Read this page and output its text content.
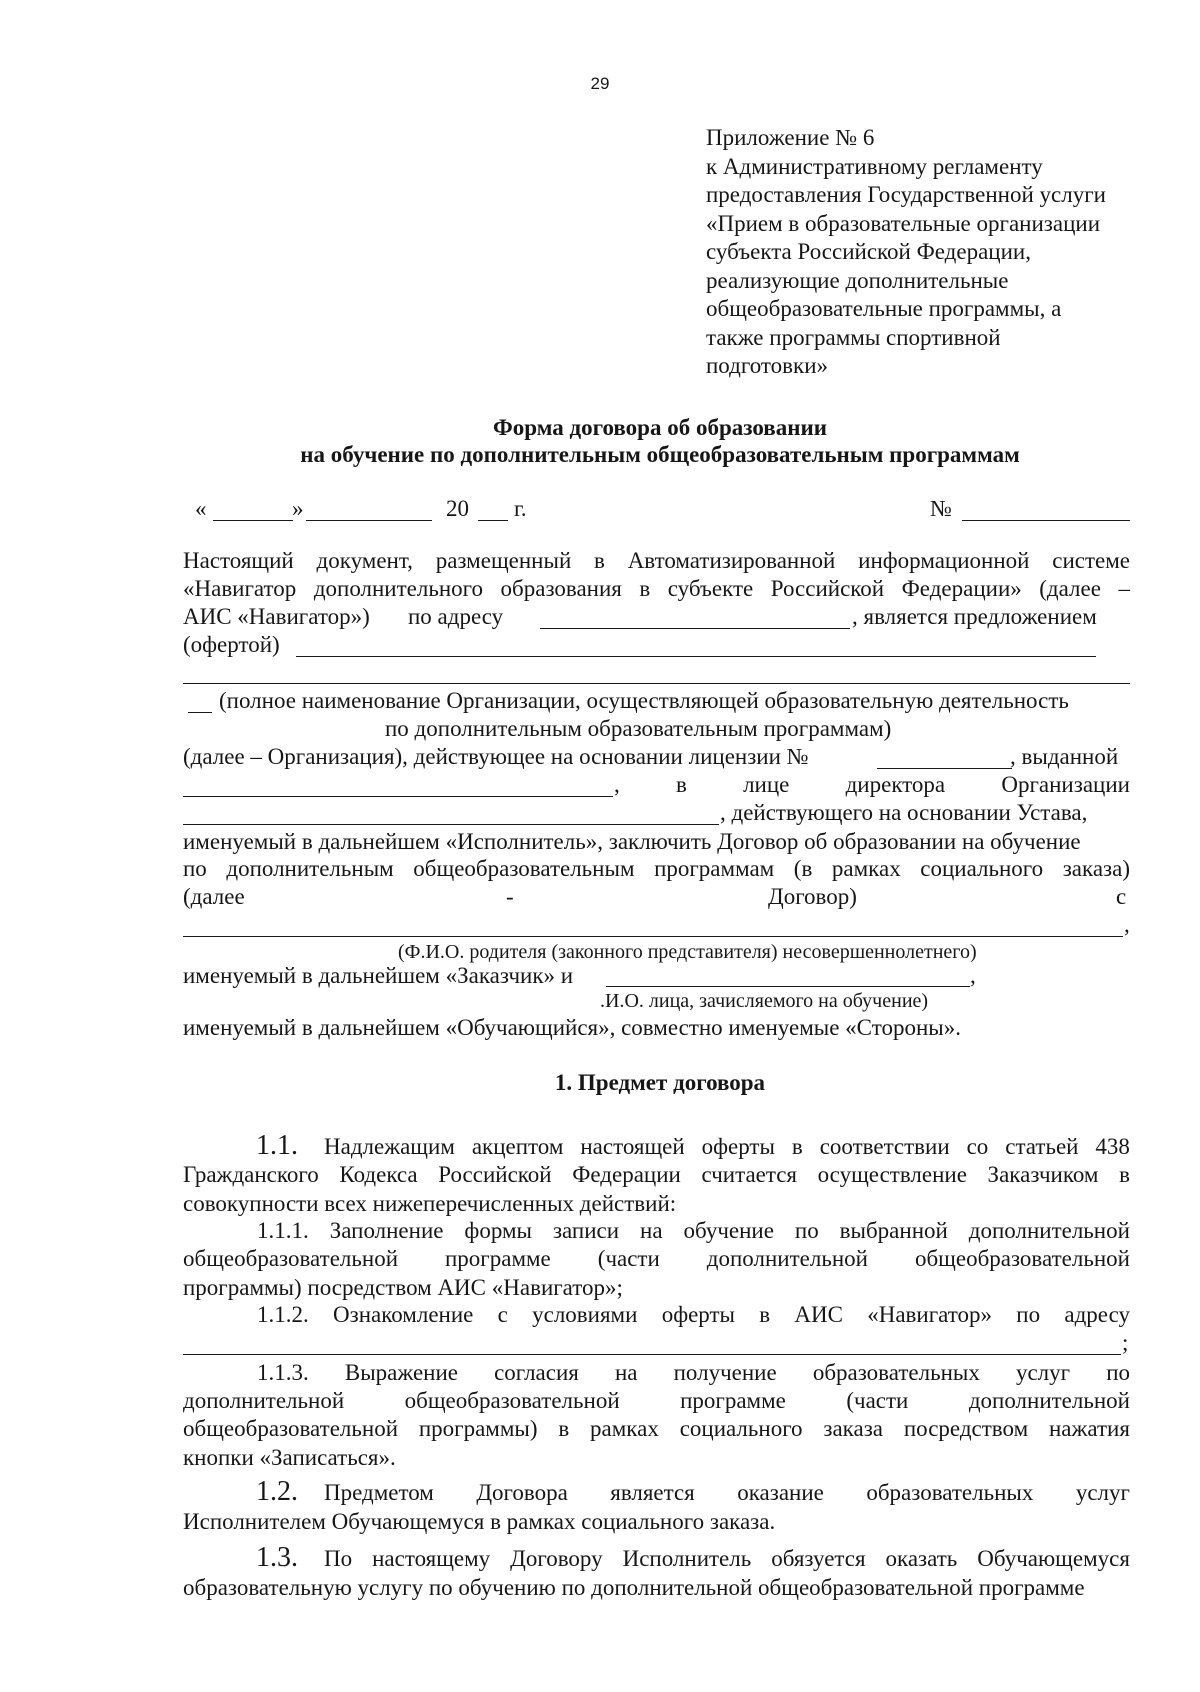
29
Приложение № 6
к Административному регламенту
предоставления Государственной услуги
«Прием в образовательные организации
субъекта Российской Федерации,
реализующие дополнительные
общеобразовательные программы, а
также программы спортивной
подготовки»
Форма договора об образовании
на обучение по дополнительным общеобразовательным программам
«	»	20 г.	№
Настоящий документ, размещенный в Автоматизированной информационной системе
«Навигатор дополнительного образования в субъекте Российской Федерации» (далее –
АИС «Навигатор») по адресу	, является предложением
(офертой)
(полное наименование Организации, осуществляющей образовательную деятельность
по дополнительным образовательным программам)
(далее – Организация), действующее на основании лицензии №	, выданной
, в лице директора Организации
, действующего на основании Устава,
именуемый в дальнейшем «Исполнитель», заключить Договор об образовании на обучение
по дополнительным общеобразовательным программам (в рамках социального заказа)
(далее	-	Договор)	с
,
(Ф.И.О. родителя (законного представителя) несовершеннолетнего)
именуемый в дальнейшем «Заказчик» и	,
.И.О. лица, зачисляемого на обучение)
именуемый в дальнейшем «Обучающийся», совместно именуемые «Стороны».
1. Предмет договора
1.1. Надлежащим акцептом настоящей оферты в соответствии со статьей 438
Гражданского Кодекса Российской Федерации считается осуществление Заказчиком в
совокупности всех нижеперечисленных действий:
1.1.1. Заполнение формы записи на обучение по выбранной дополнительной
общеобразовательной программе (части дополнительной общеобразовательной
программы) посредством АИС «Навигатор»;
1.1.2. Ознакомление с условиями оферты в АИС «Навигатор» по адресу
;
1.1.3. Выражение согласия на получение образовательных услуг по
дополнительной	общеобразовательной	программе	(части	дополнительной
общеобразовательной программы) в рамках социального заказа посредством нажатия
кнопки «Записаться».
1.2. Предметом Договора является оказание образовательных услуг
Исполнителем Обучающемуся в рамках социального заказа.
1.3. По настоящему Договору Исполнитель обязуется оказать Обучающемуся
образовательную услугу по обучению по дополнительной общеобразовательной программе
